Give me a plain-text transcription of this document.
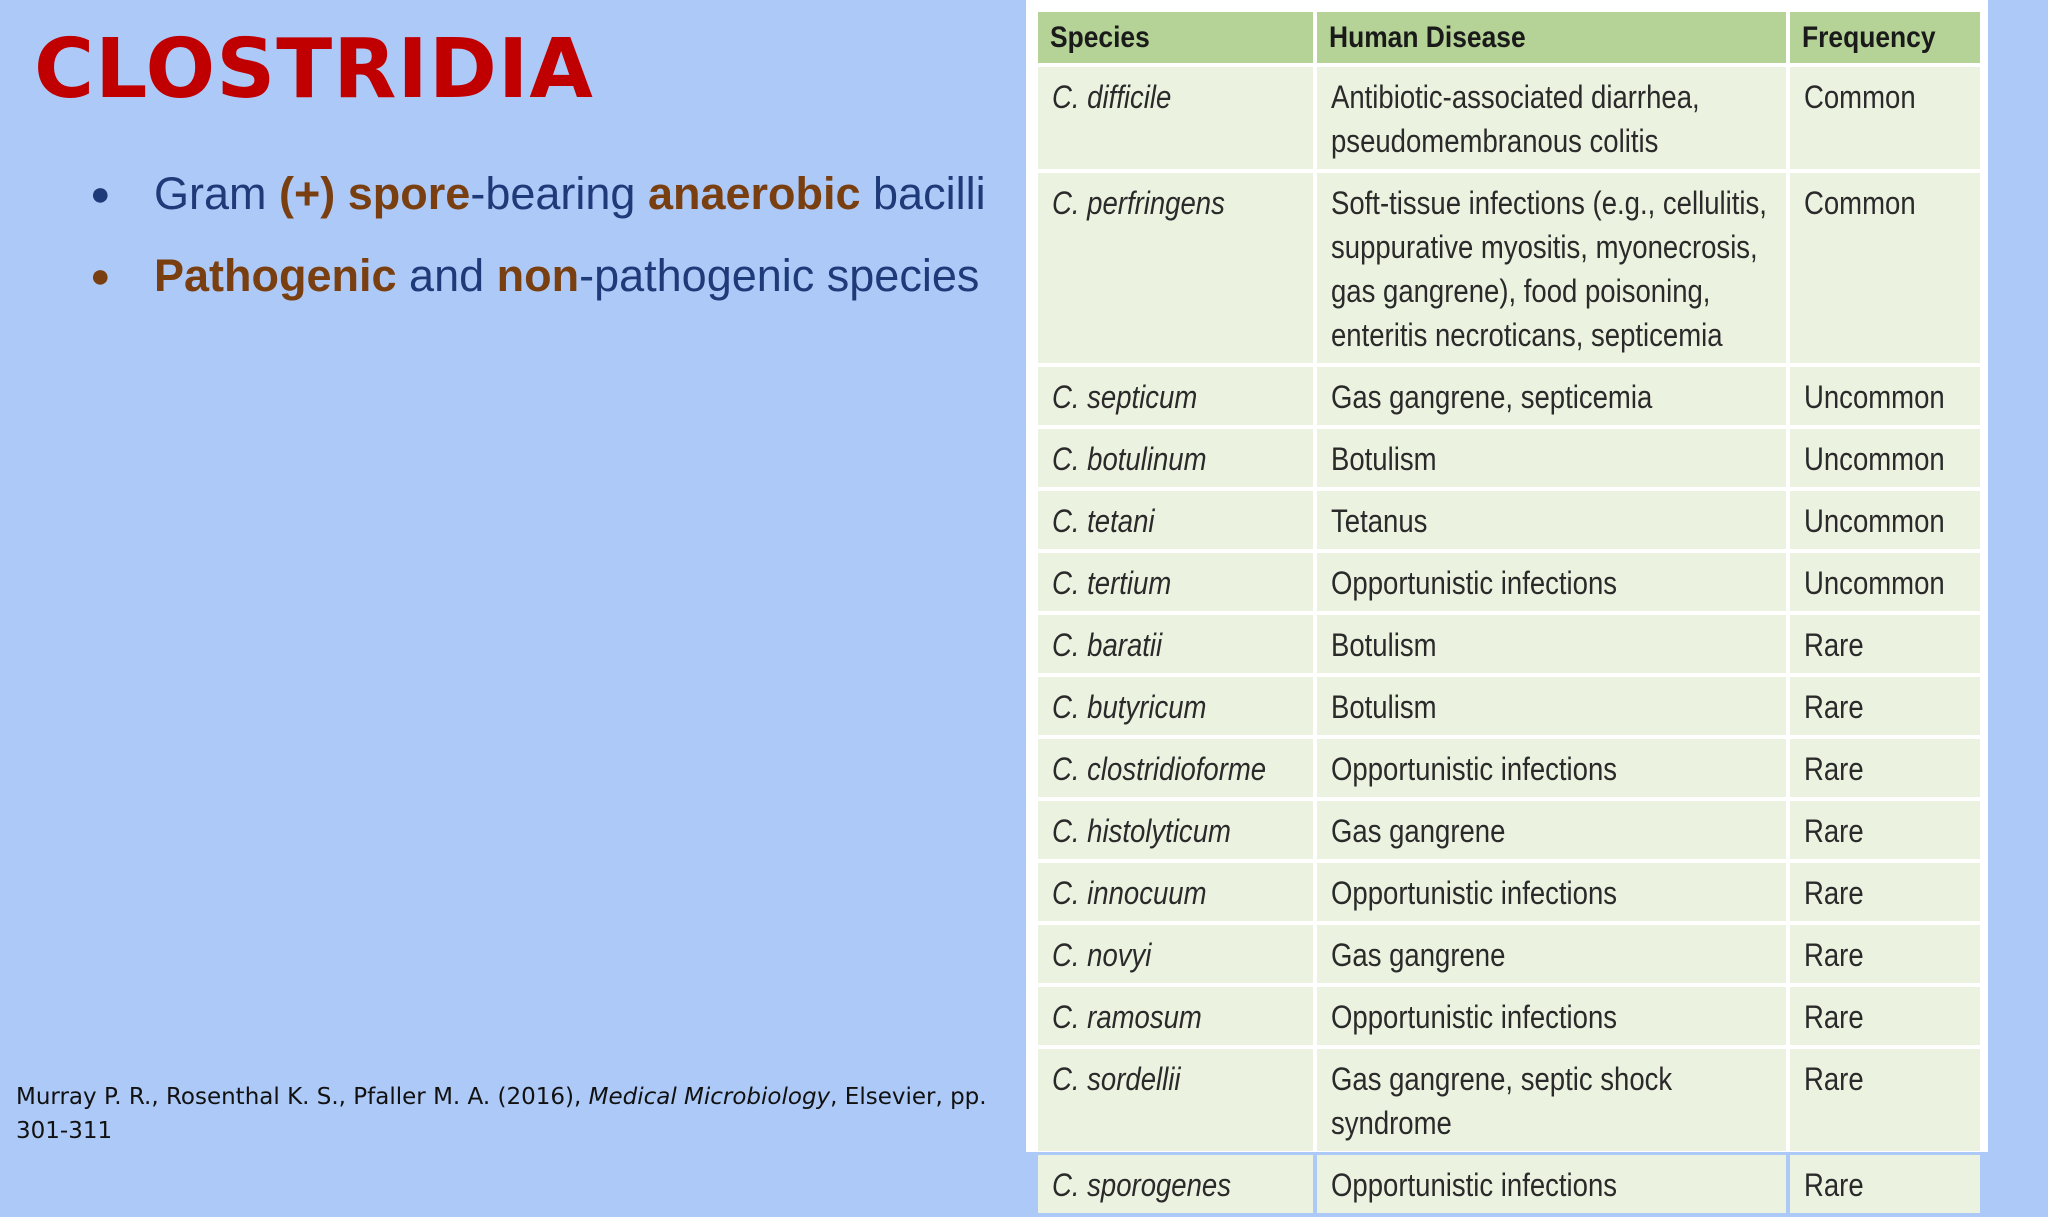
CLOSTRIDIA
● Gram (+) spore-bearing anaerobic bacilli
● Pathogenic and non-pathogenic species

Murray P. R., Rosenthal K. S., Pfaller M. A. (2016), Medical Microbiology, Elsevier, pp. 301-311

Species	Human Disease	Frequency
C. difficile	Antibiotic-associated diarrhea, pseudomembranous colitis	Common
C. perfringens	Soft-tissue infections (e.g., cellulitis, suppurative myositis, myonecrosis, gas gangrene), food poisoning, enteritis necroticans, septicemia	Common
C. septicum	Gas gangrene, septicemia	Uncommon
C. botulinum	Botulism	Uncommon
C. tetani	Tetanus	Uncommon
C. tertium	Opportunistic infections	Uncommon
C. baratii	Botulism	Rare
C. butyricum	Botulism	Rare
C. clostridioforme	Opportunistic infections	Rare
C. histolyticum	Gas gangrene	Rare
C. innocuum	Opportunistic infections	Rare
C. novyi	Gas gangrene	Rare
C. ramosum	Opportunistic infections	Rare
C. sordellii	Gas gangrene, septic shock syndrome	Rare
C. sporogenes	Opportunistic infections	Rare
